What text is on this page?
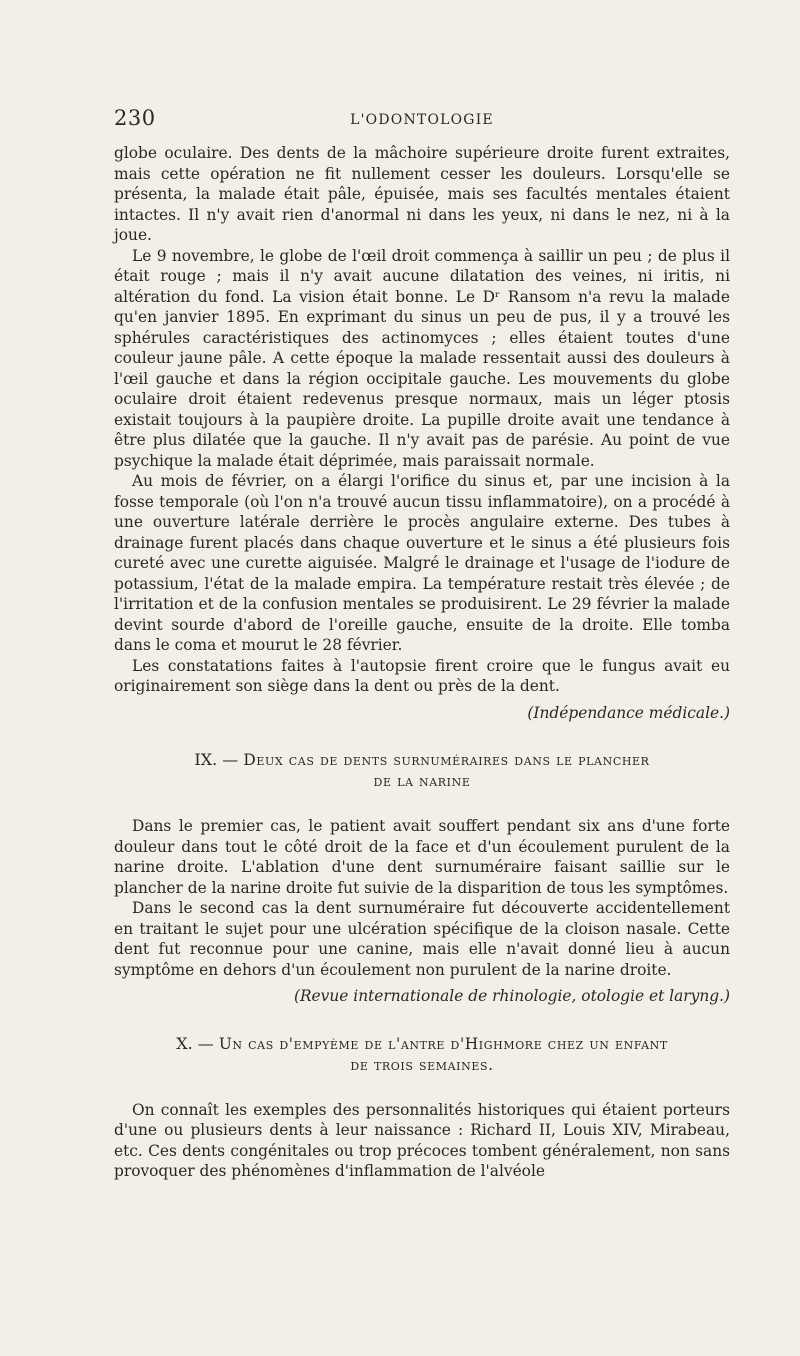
230	L'ODONTOLOGIE

globe oculaire. Des dents de la mâchoire supérieure droite furent extraites, mais cette opération ne fit nullement cesser les douleurs. Lorsqu'elle se présenta, la malade était pâle, épuisée, mais ses facultés mentales étaient intactes. Il n'y avait rien d'anormal ni dans les yeux, ni dans le nez, ni à la joue.

Le 9 novembre, le globe de l'œil droit commença à saillir un peu ; de plus il était rouge ; mais il n'y avait aucune dilatation des veines, ni iritis, ni altération du fond. La vision était bonne. Le Dʳ Ransom n'a revu la malade qu'en janvier 1895. En exprimant du sinus un peu de pus, il y a trouvé les sphérules caractéristiques des actinomyces ; elles étaient toutes d'une couleur jaune pâle. A cette époque la malade ressentait aussi des douleurs à l'œil gauche et dans la région occipitale gauche. Les mouvements du globe oculaire droit étaient redevenus presque normaux, mais un léger ptosis existait toujours à la paupière droite. La pupille droite avait une tendance à être plus dilatée que la gauche. Il n'y avait pas de parésie. Au point de vue psychique la malade était déprimée, mais paraissait normale.

Au mois de février, on a élargi l'orifice du sinus et, par une incision à la fosse temporale (où l'on n'a trouvé aucun tissu inflammatoire), on a procédé à une ouverture latérale derrière le procès angulaire externe. Des tubes à drainage furent placés dans chaque ouverture et le sinus a été plusieurs fois cureté avec une curette aiguisée. Malgré le drainage et l'usage de l'iodure de potassium, l'état de la malade empira. La température restait très élevée ; de l'irritation et de la confusion mentales se produisirent. Le 29 février la malade devint sourde d'abord de l'oreille gauche, ensuite de la droite. Elle tomba dans le coma et mourut le 28 février.

Les constatations faites à l'autopsie firent croire que le fungus avait eu originairement son siège dans la dent ou près de la dent.

(Indépendance médicale.)

IX. — Deux cas de dents surnuméraires dans le plancher
de la narine

Dans le premier cas, le patient avait souffert pendant six ans d'une forte douleur dans tout le côté droit de la face et d'un écoulement purulent de la narine droite. L'ablation d'une dent surnuméraire faisant saillie sur le plancher de la narine droite fut suivie de la disparition de tous les symptômes.

Dans le second cas la dent surnuméraire fut découverte accidentellement en traitant le sujet pour une ulcération spécifique de la cloison nasale. Cette dent fut reconnue pour une canine, mais elle n'avait donné lieu à aucun symptôme en dehors d'un écoulement non purulent de la narine droite.

(Revue internationale de rhinologie, otologie et laryng.)

X. — Un cas d'empyème de l'antre d'Highmore chez un enfant
de trois semaines.

On connaît les exemples des personnalités historiques qui étaient porteurs d'une ou plusieurs dents à leur naissance : Richard II, Louis XIV, Mirabeau, etc. Ces dents congénitales ou trop précoces tombent généralement, non sans provoquer des phénomènes d'inflammation de l'alvéole
